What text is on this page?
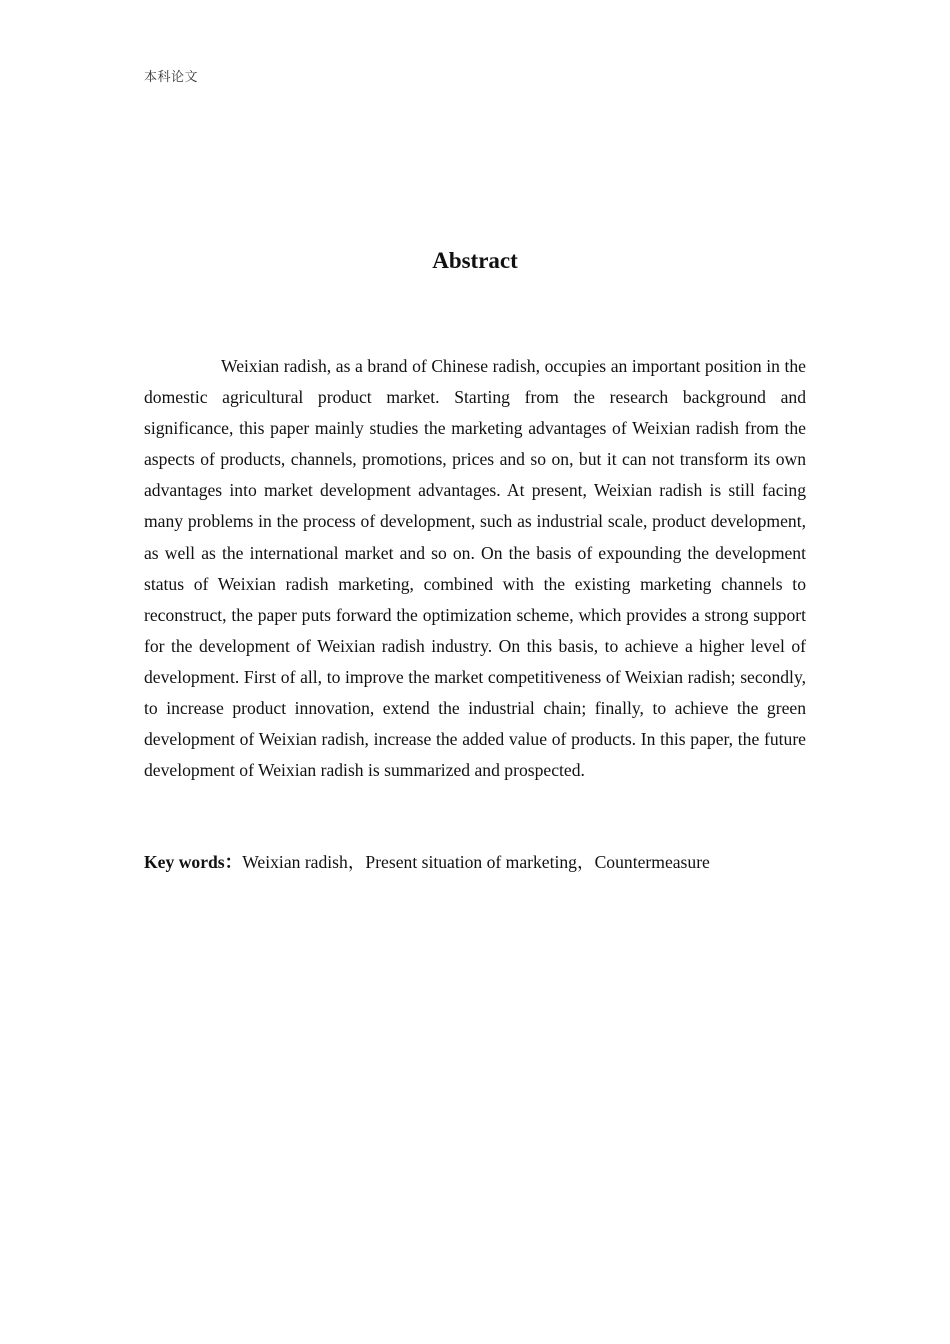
本科论文
Abstract

Weixian radish, as a brand of Chinese radish, occupies an important position in the domestic agricultural product market. Starting from the research background and significance, this paper mainly studies the marketing advantages of Weixian radish from the aspects of products, channels, promotions, prices and so on, but it can not transform its own advantages into market development advantages. At present, Weixian radish is still facing many problems in the process of development, such as industrial scale, product development, as well as the international market and so on. On the basis of expounding the development status of Weixian radish marketing, combined with the existing marketing channels to reconstruct, the paper puts forward the optimization scheme, which provides a strong support for the development of Weixian radish industry. On this basis, to achieve a higher level of development. First of all, to improve the market competitiveness of Weixian radish; secondly, to increase product innovation, extend the industrial chain; finally, to achieve the green development of Weixian radish, increase the added value of products. In this paper, the future development of Weixian radish is summarized and prospected.

Key words：Weixian radish，Present situation of marketing，Countermeasure
